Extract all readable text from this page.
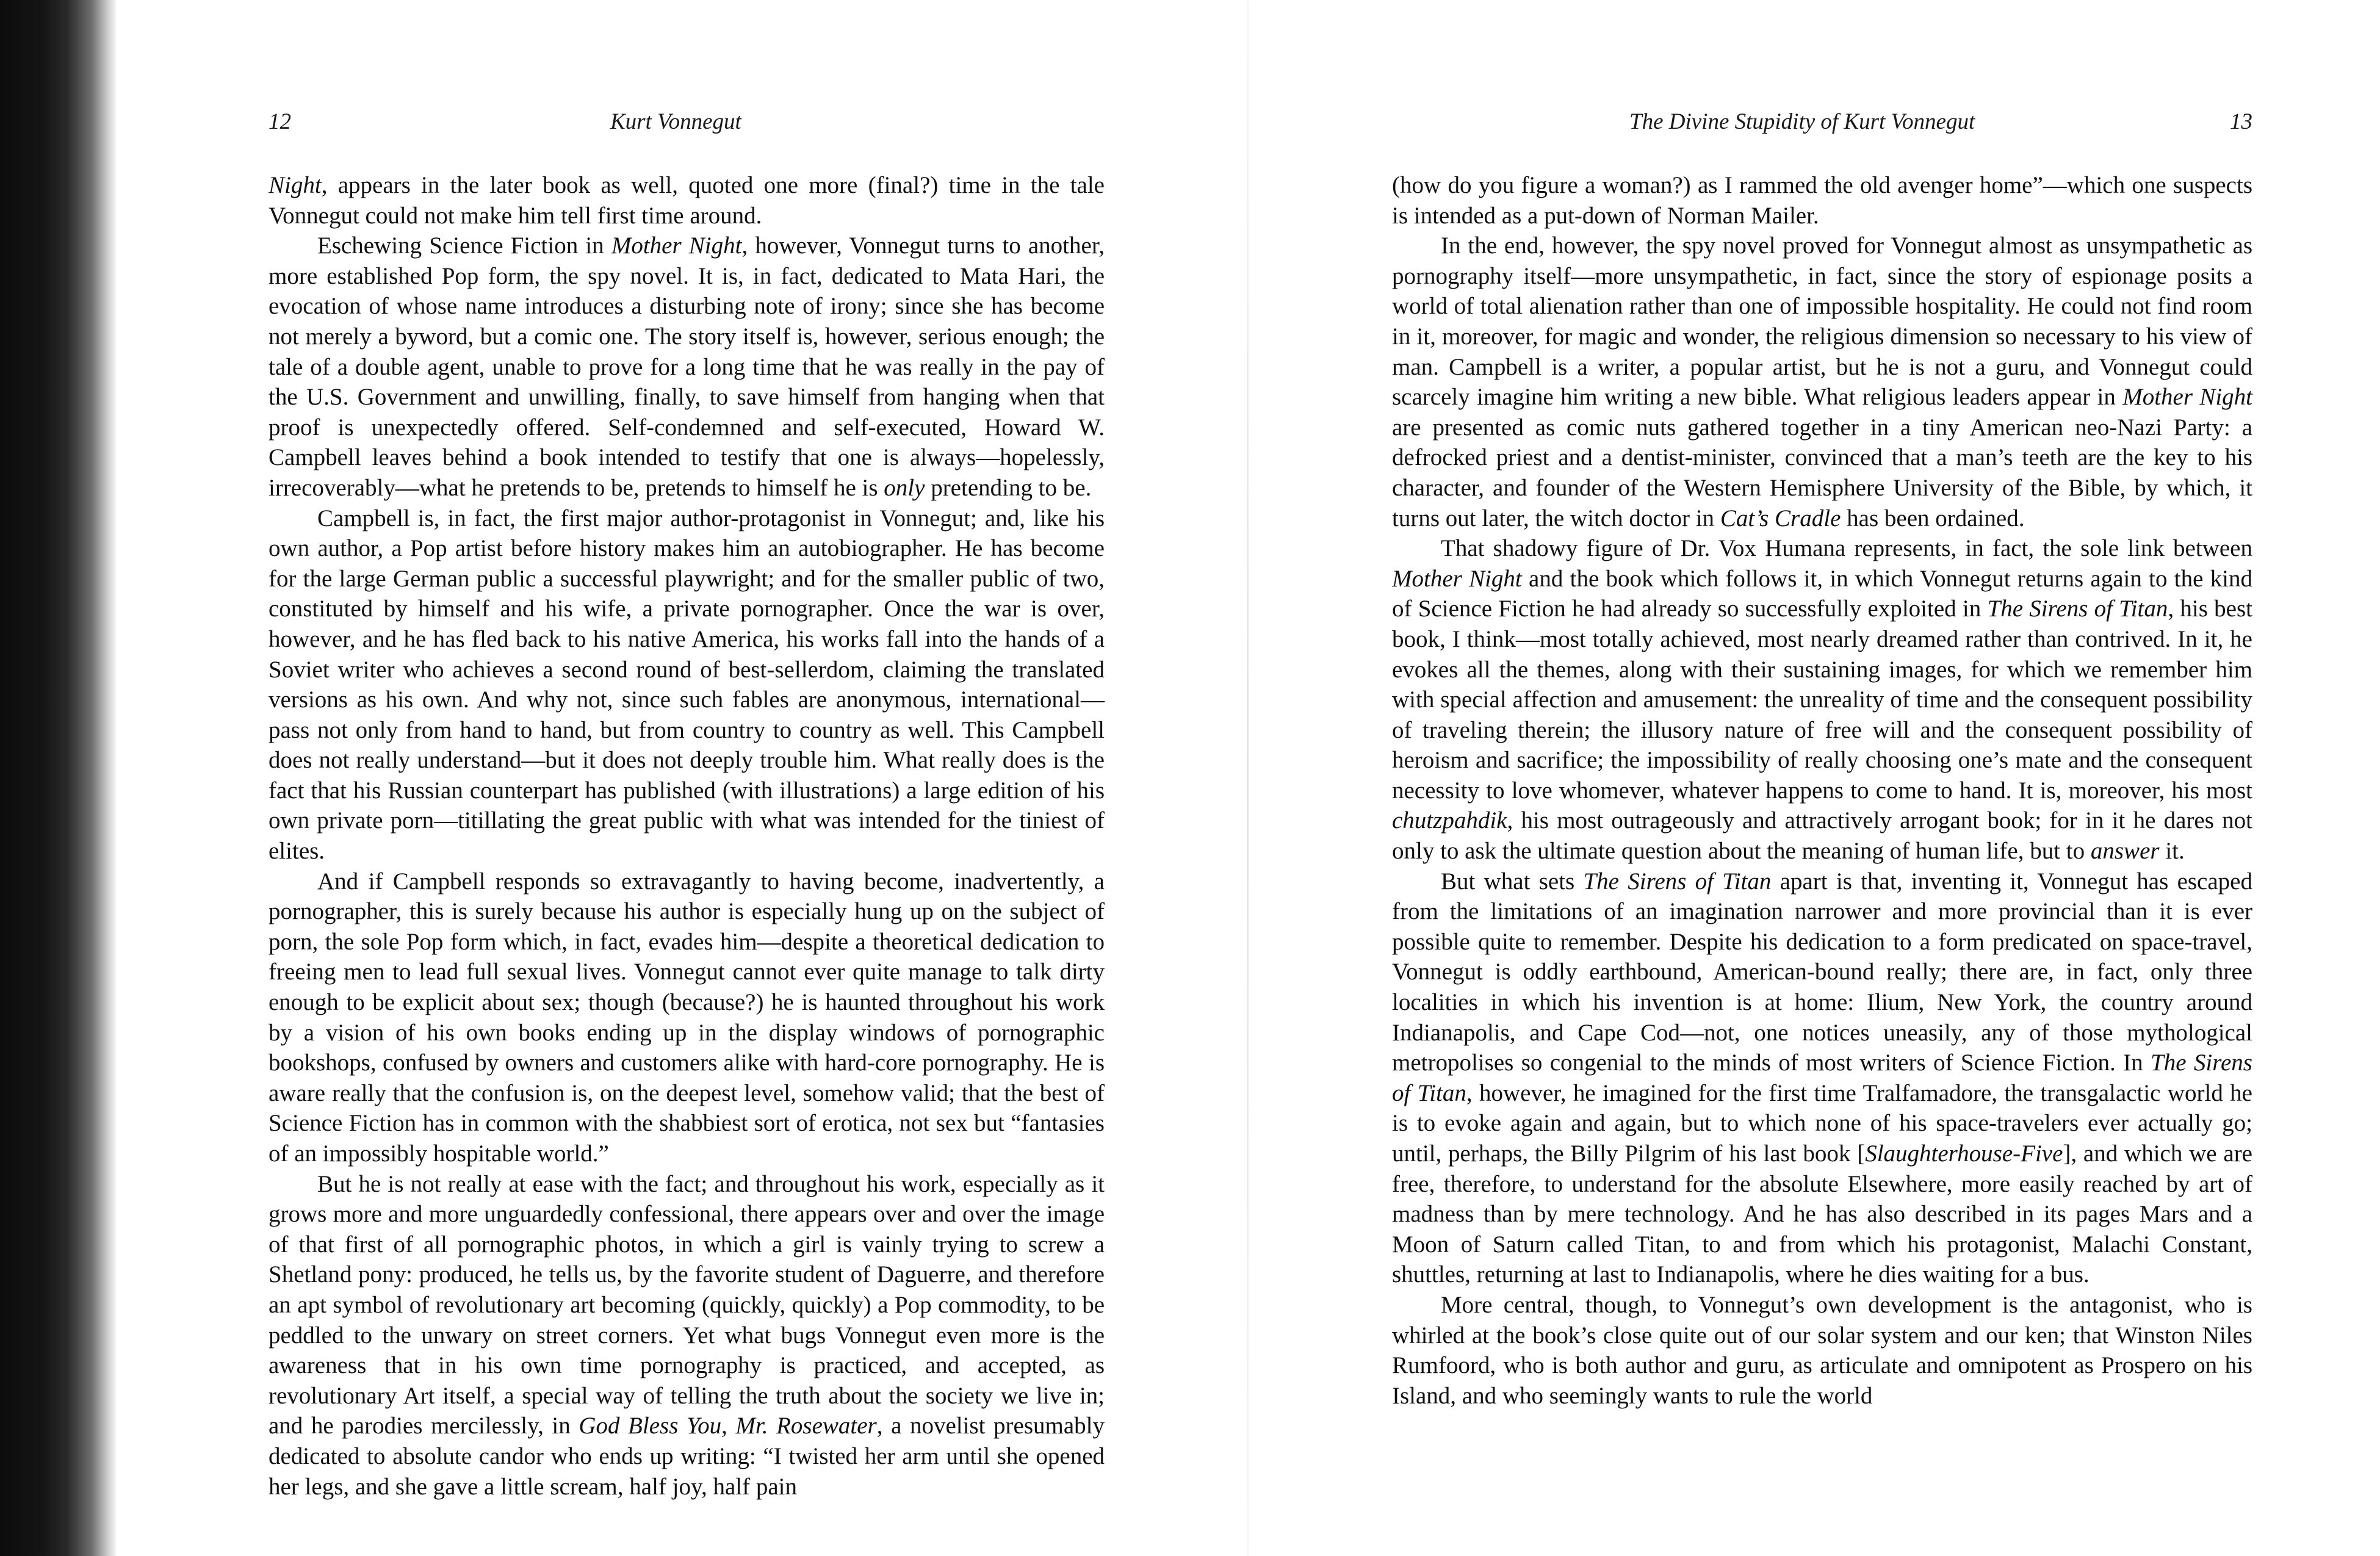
12	Kurt Vonnegut

Night, appears in the later book as well, quoted one more (final?) time in the tale Vonnegut could not make him tell first time around.

Eschewing Science Fiction in Mother Night, however, Vonnegut turns to another, more established Pop form, the spy novel. It is, in fact, dedicated to Mata Hari, the evocation of whose name introduces a disturbing note of irony; since she has become not merely a byword, but a comic one. The story itself is, however, serious enough; the tale of a double agent, unable to prove for a long time that he was really in the pay of the U.S. Government and unwilling, finally, to save himself from hanging when that proof is unexpectedly offered. Self-condemned and self-executed, Howard W. Campbell leaves behind a book intended to testify that one is always—hopelessly, irrecoverably—what he pretends to be, pretends to himself he is only pretending to be.

Campbell is, in fact, the first major author-protagonist in Vonnegut; and, like his own author, a Pop artist before history makes him an autobiographer. He has become for the large German public a successful playwright; and for the smaller public of two, constituted by himself and his wife, a private pornographer. Once the war is over, however, and he has fled back to his native America, his works fall into the hands of a Soviet writer who achieves a second round of best-sellerdom, claiming the translated versions as his own. And why not, since such fables are anonymous, international—pass not only from hand to hand, but from country to country as well. This Campbell does not really understand—but it does not deeply trouble him. What really does is the fact that his Russian counterpart has published (with illustrations) a large edition of his own private porn—titillating the great public with what was intended for the tiniest of elites.

And if Campbell responds so extravagantly to having become, inadvertently, a pornographer, this is surely because his author is especially hung up on the subject of porn, the sole Pop form which, in fact, evades him—despite a theoretical dedication to freeing men to lead full sexual lives. Vonnegut cannot ever quite manage to talk dirty enough to be explicit about sex; though (because?) he is haunted throughout his work by a vision of his own books ending up in the display windows of pornographic bookshops, confused by owners and customers alike with hard-core pornography. He is aware really that the confusion is, on the deepest level, somehow valid; that the best of Science Fiction has in common with the shabbiest sort of erotica, not sex but “fantasies of an impossibly hospitable world.”

But he is not really at ease with the fact; and throughout his work, especially as it grows more and more unguardedly confessional, there appears over and over the image of that first of all pornographic photos, in which a girl is vainly trying to screw a Shetland pony: produced, he tells us, by the favorite student of Daguerre, and therefore an apt symbol of revolutionary art becoming (quickly, quickly) a Pop commodity, to be peddled to the unwary on street corners. Yet what bugs Vonnegut even more is the awareness that in his own time pornography is practiced, and accepted, as revolutionary Art itself, a special way of telling the truth about the society we live in; and he parodies mercilessly, in God Bless You, Mr. Rosewater, a novelist presumably dedicated to absolute candor who ends up writing: “I twisted her arm until she opened her legs, and she gave a little scream, half joy, half pain

The Divine Stupidity of Kurt Vonnegut	13

(how do you figure a woman?) as I rammed the old avenger home”—which one suspects is intended as a put-down of Norman Mailer.

In the end, however, the spy novel proved for Vonnegut almost as unsympathetic as pornography itself—more unsympathetic, in fact, since the story of espionage posits a world of total alienation rather than one of impossible hospitality. He could not find room in it, moreover, for magic and wonder, the religious dimension so necessary to his view of man. Campbell is a writer, a popular artist, but he is not a guru, and Vonnegut could scarcely imagine him writing a new bible. What religious leaders appear in Mother Night are presented as comic nuts gathered together in a tiny American neo-Nazi Party: a defrocked priest and a dentist-minister, convinced that a man’s teeth are the key to his character, and founder of the Western Hemisphere University of the Bible, by which, it turns out later, the witch doctor in Cat’s Cradle has been ordained.

That shadowy figure of Dr. Vox Humana represents, in fact, the sole link between Mother Night and the book which follows it, in which Vonnegut returns again to the kind of Science Fiction he had already so successfully exploited in The Sirens of Titan, his best book, I think—most totally achieved, most nearly dreamed rather than contrived. In it, he evokes all the themes, along with their sustaining images, for which we remember him with special affection and amusement: the unreality of time and the consequent possibility of traveling therein; the illusory nature of free will and the consequent possibility of heroism and sacrifice; the impossibility of really choosing one’s mate and the consequent necessity to love whomever, whatever happens to come to hand. It is, moreover, his most chutzpahdik, his most outrageously and attractively arrogant book; for in it he dares not only to ask the ultimate question about the meaning of human life, but to answer it.

But what sets The Sirens of Titan apart is that, inventing it, Vonnegut has escaped from the limitations of an imagination narrower and more provincial than it is ever possible quite to remember. Despite his dedication to a form predicated on space-travel, Vonnegut is oddly earthbound, American-bound really; there are, in fact, only three localities in which his invention is at home: Ilium, New York, the country around Indianapolis, and Cape Cod—not, one notices uneasily, any of those mythological metropolises so congenial to the minds of most writers of Science Fiction. In The Sirens of Titan, however, he imagined for the first time Tralfamadore, the transgalactic world he is to evoke again and again, but to which none of his space-travelers ever actually go; until, perhaps, the Billy Pilgrim of his last book [Slaughterhouse-Five], and which we are free, therefore, to understand for the absolute Elsewhere, more easily reached by art of madness than by mere technology. And he has also described in its pages Mars and a Moon of Saturn called Titan, to and from which his protagonist, Malachi Constant, shuttles, returning at last to Indianapolis, where he dies waiting for a bus.

More central, though, to Vonnegut’s own development is the antagonist, who is whirled at the book’s close quite out of our solar system and our ken; that Winston Niles Rumfoord, who is both author and guru, as articulate and omnipotent as Prospero on his Island, and who seemingly wants to rule the world
